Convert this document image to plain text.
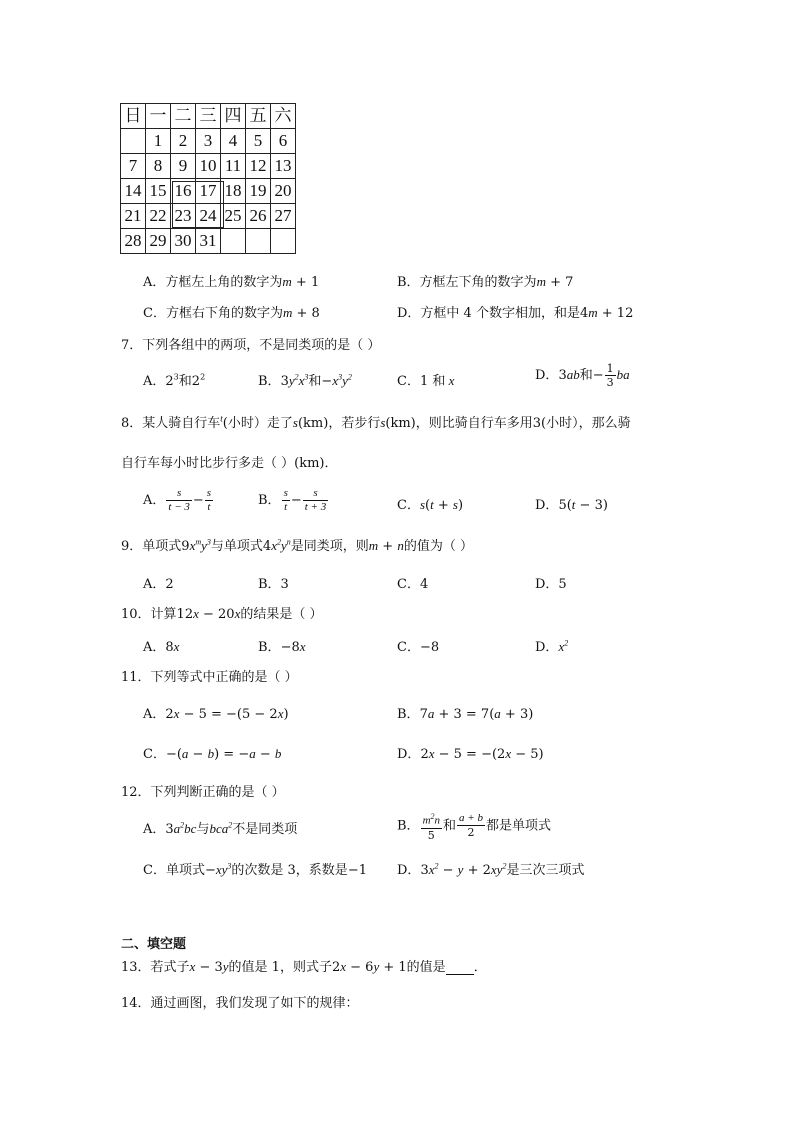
日	一	二	三	四	五	六
	1	2	3	4	5	6
7	8	9	10	11	12	13
14	15	16	17	18	19	20
21	22	23	24	25	26	27
28	29	30	31			
A．方框左上角的数字为m + 1	B．方框左下角的数字为m + 7
C．方框右下角的数字为m + 8	D．方框中 4 个数字相加，和是4m + 12
7．下列各组中的两项，不是同类项的是（ ）
A．$2^3$和$2^2$	B．$3y^2x^3$和$-x^3y^2$	C．1 和 x	D．3ab和− $\frac{1}{3}$ ba
8．某人骑自行车$^t$(小时）走了s(km)，若步行s(km)，则比骑自行车多用3(小时），那么骑
自行车每小时比步行多走（ ）(km)．
A． $\frac{s}{t - 3} - \frac{s}{t}$	B． $\frac{s}{t} - \frac{s}{t + 3}$	C．s(t + s)	D．5(t − 3)
9．单项式$9x^my^3$与单项式$4x^2y^n$是同类项，则m + n的值为（ ）
A．2	B．3	C．4	D．5
10．计算12x − 20x的结果是（ ）
A．8x	B．−8x	C．−8	D．$x^2$
11．下列等式中正确的是（ ）
A．2x − 5 = −(5 − 2x)	B．7a + 3 = 7(a + 3)
C．−(a − b) = −a − b	D．2x − 5 = −(2x − 5)
12．下列判断正确的是（ ）
A．$3a^2bc$与bca$^2$不是同类项	B． $\frac{m^2n}{5}$ 和 $\frac{a + b}{2}$ 都是单项式
C．单项式$-xy^3$的次数是 3，系数是−1 D．$3x^2 - y + 2xy^2$是三次三项式
二、填空题
13．若式子x − 3y的值是 1，则式子2x − 6y + 1的值是 ．
14．通过画图，我们发现了如下的规律：
